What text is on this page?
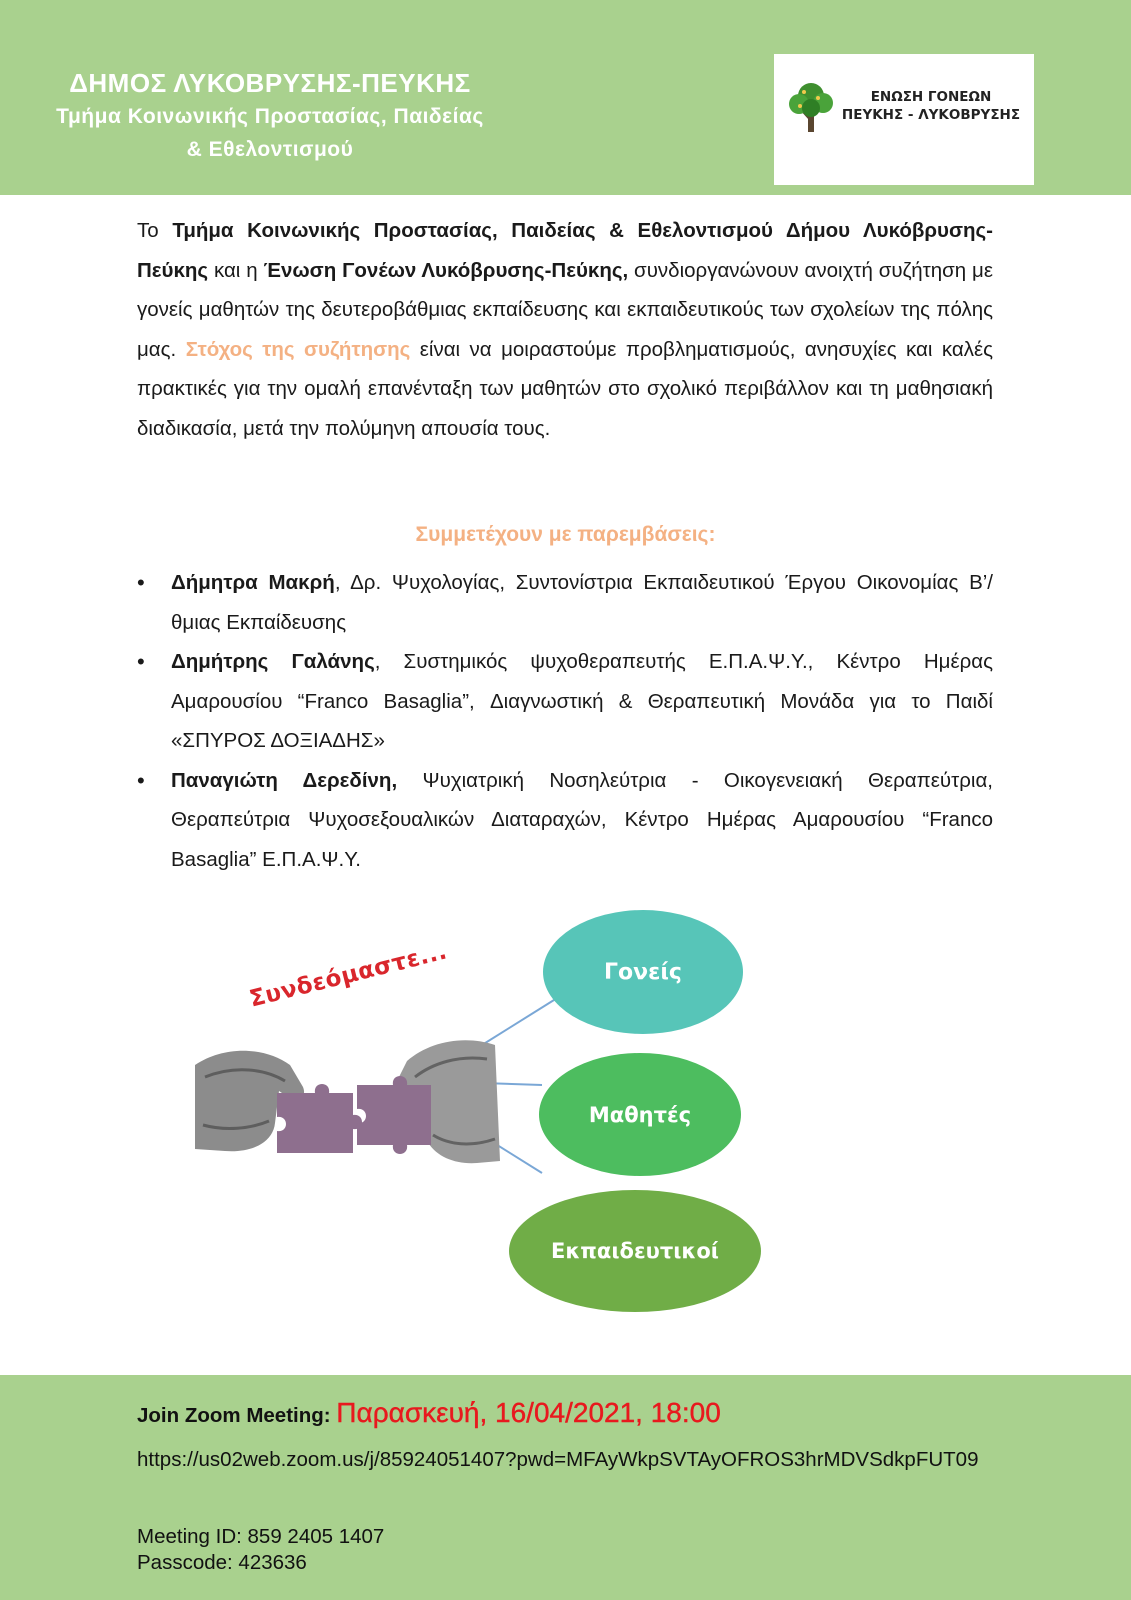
ΔΗΜΟΣ ΛΥΚΟΒΡΥΣΗΣ-ΠΕΥΚΗΣ
Τμήμα Κοινωνικής Προστασίας, Παιδείας
& Εθελοντισμού
ΕΝΩΣΗ ΓΟΝΕΩΝ
ΠΕΥΚΗΣ - ΛΥΚΟΒΡΥΣΗΣ
Το Τμήμα Κοινωνικής Προστασίας, Παιδείας & Εθελοντισμού Δήμου Λυκόβρυσης-Πεύκης και η Ένωση Γονέων Λυκόβρυσης-Πεύκης, συνδιοργανώνουν ανοιχτή συζήτηση με γονείς μαθητών της δευτεροβάθμιας εκπαίδευσης και εκπαιδευτικούς των σχολείων της πόλης μας. Στόχος της συζήτησης είναι να μοιραστούμε προβληματισμούς, ανησυχίες και καλές πρακτικές για την ομαλή επανένταξη των μαθητών στο σχολικό περιβάλλον και τη μαθησιακή διαδικασία, μετά την πολύμηνη απουσία τους.
Συμμετέχουν με παρεμβάσεις:
• Δήμητρα Μακρή, Δρ. Ψυχολογίας, Συντονίστρια Εκπαιδευτικού Έργου Οικονομίας Β’/θμιας Εκπαίδευσης
• Δημήτρης Γαλάνης, Συστημικός ψυχοθεραπευτής Ε.Π.Α.Ψ.Υ., Κέντρο Ημέρας Αμαρουσίου “Franco Basaglia”, Διαγνωστική & Θεραπευτική Μονάδα για το Παιδί «ΣΠΥΡΟΣ ΔΟΞΙΑΔΗΣ»
• Παναγιώτη Δερεδίνη, Ψυχιατρική Νοσηλεύτρια - Οικογενειακή Θεραπεύτρια, Θεραπεύτρια Ψυχοσεξουαλικών Διαταραχών, Κέντρο Ημέρας Αμαρουσίου “Franco Basaglia” Ε.Π.Α.Ψ.Υ.
Συνδεόμαστε...	Γονείς
Μαθητές
Εκπαιδευτικοί
Join Zoom Meeting: Παρασκευή, 16/04/2021, 18:00
https://us02web.zoom.us/j/85924051407?pwd=MFAyWkpSVTAyOFROS3hrMDVSdkpFUT09
Meeting ID: 859 2405 1407
Passcode: 423636
